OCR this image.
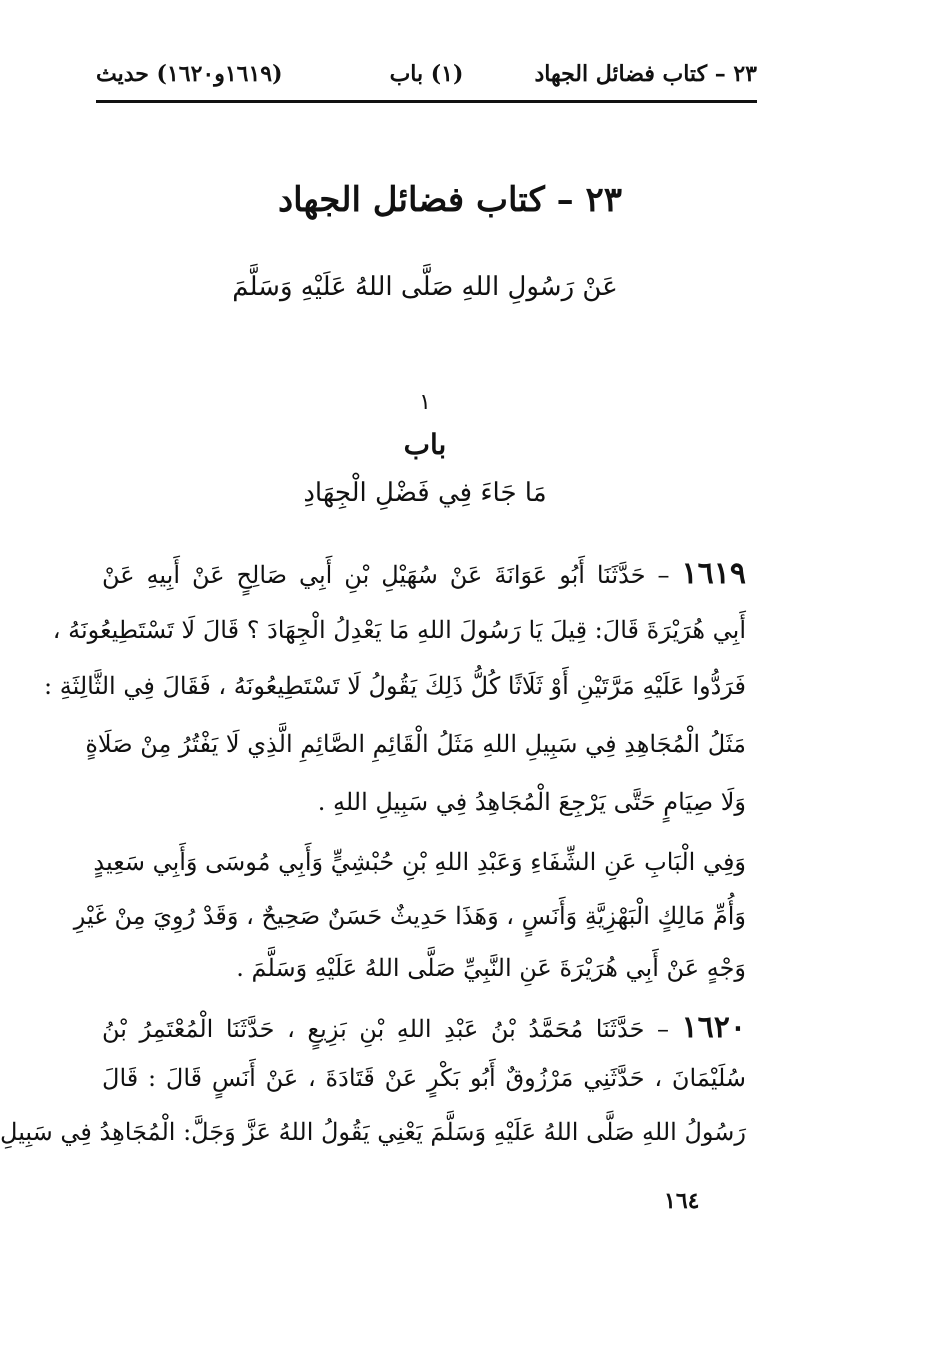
٢٣ – كتاب فضائل الجهاد
(١) باب
(١٦١٩و١٦٢٠) حديث
٢٣ – كتاب فضائل الجهاد
عَنْ رَسُولِ اللهِ صَلَّى اللهُ عَلَيْهِ وَسَلَّمَ
١
باب
مَا جَاءَ فِي فَضْلِ الْجِهَادِ
١٦١٩ – حَدَّثَنَا أَبُو عَوَانَةَ عَنْ سُهَيْلِ بْنِ أَبِي صَالِحٍ عَنْ أَبِيهِ عَنْ
أَبِي هُرَيْرَةَ قَالَ: قِيلَ يَا رَسُولَ اللهِ مَا يَعْدِلُ الْجِهَادَ ؟ قَالَ لَا تَسْتَطِيعُونَهُ ،
فَرَدُّوا عَلَيْهِ مَرَّتَيْنِ أَوْ ثَلَاثًا كُلُّ ذَلِكَ يَقُولُ لَا تَسْتَطِيعُونَهُ ، فَقَالَ فِي الثَّالِثَةِ :
مَثَلُ الْمُجَاهِدِ فِي سَبِيلِ اللهِ مَثَلُ الْقَائِمِ الصَّائِمِ الَّذِي لَا يَفْتُرُ مِنْ صَلَاةٍ
وَلَا صِيَامٍ حَتَّى يَرْجِعَ الْمُجَاهِدُ فِي سَبِيلِ اللهِ .
وَفِي الْبَابِ عَنِ الشِّفَاءِ وَعَبْدِ اللهِ بْنِ حُبْشِيٍّ وَأَبِي مُوسَى وَأَبِي سَعِيدٍ
وَأُمِّ مَالِكٍ الْبَهْزِيَّةِ وَأَنَسٍ ، وَهَذَا حَدِيثٌ حَسَنٌ صَحِيحٌ ، وَقَدْ رُوِيَ مِنْ غَيْرِ
وَجْهٍ عَنْ أَبِي هُرَيْرَةَ عَنِ النَّبِيِّ صَلَّى اللهُ عَلَيْهِ وَسَلَّمَ .
١٦٢٠ – حَدَّثَنَا مُحَمَّدُ بْنُ عَبْدِ اللهِ بْنِ بَزِيعٍ ، حَدَّثَنَا الْمُعْتَمِرُ بْنُ
سُلَيْمَانَ ، حَدَّثَنِي مَرْزُوقٌ أَبُو بَكْرٍ عَنْ قَتَادَةَ ، عَنْ أَنَسٍ قَالَ : قَالَ
رَسُولُ اللهِ صَلَّى اللهُ عَلَيْهِ وَسَلَّمَ يَعْنِي يَقُولُ اللهُ عَزَّ وَجَلَّ: الْمُجَاهِدُ فِي سَبِيلِ
١٦٤
